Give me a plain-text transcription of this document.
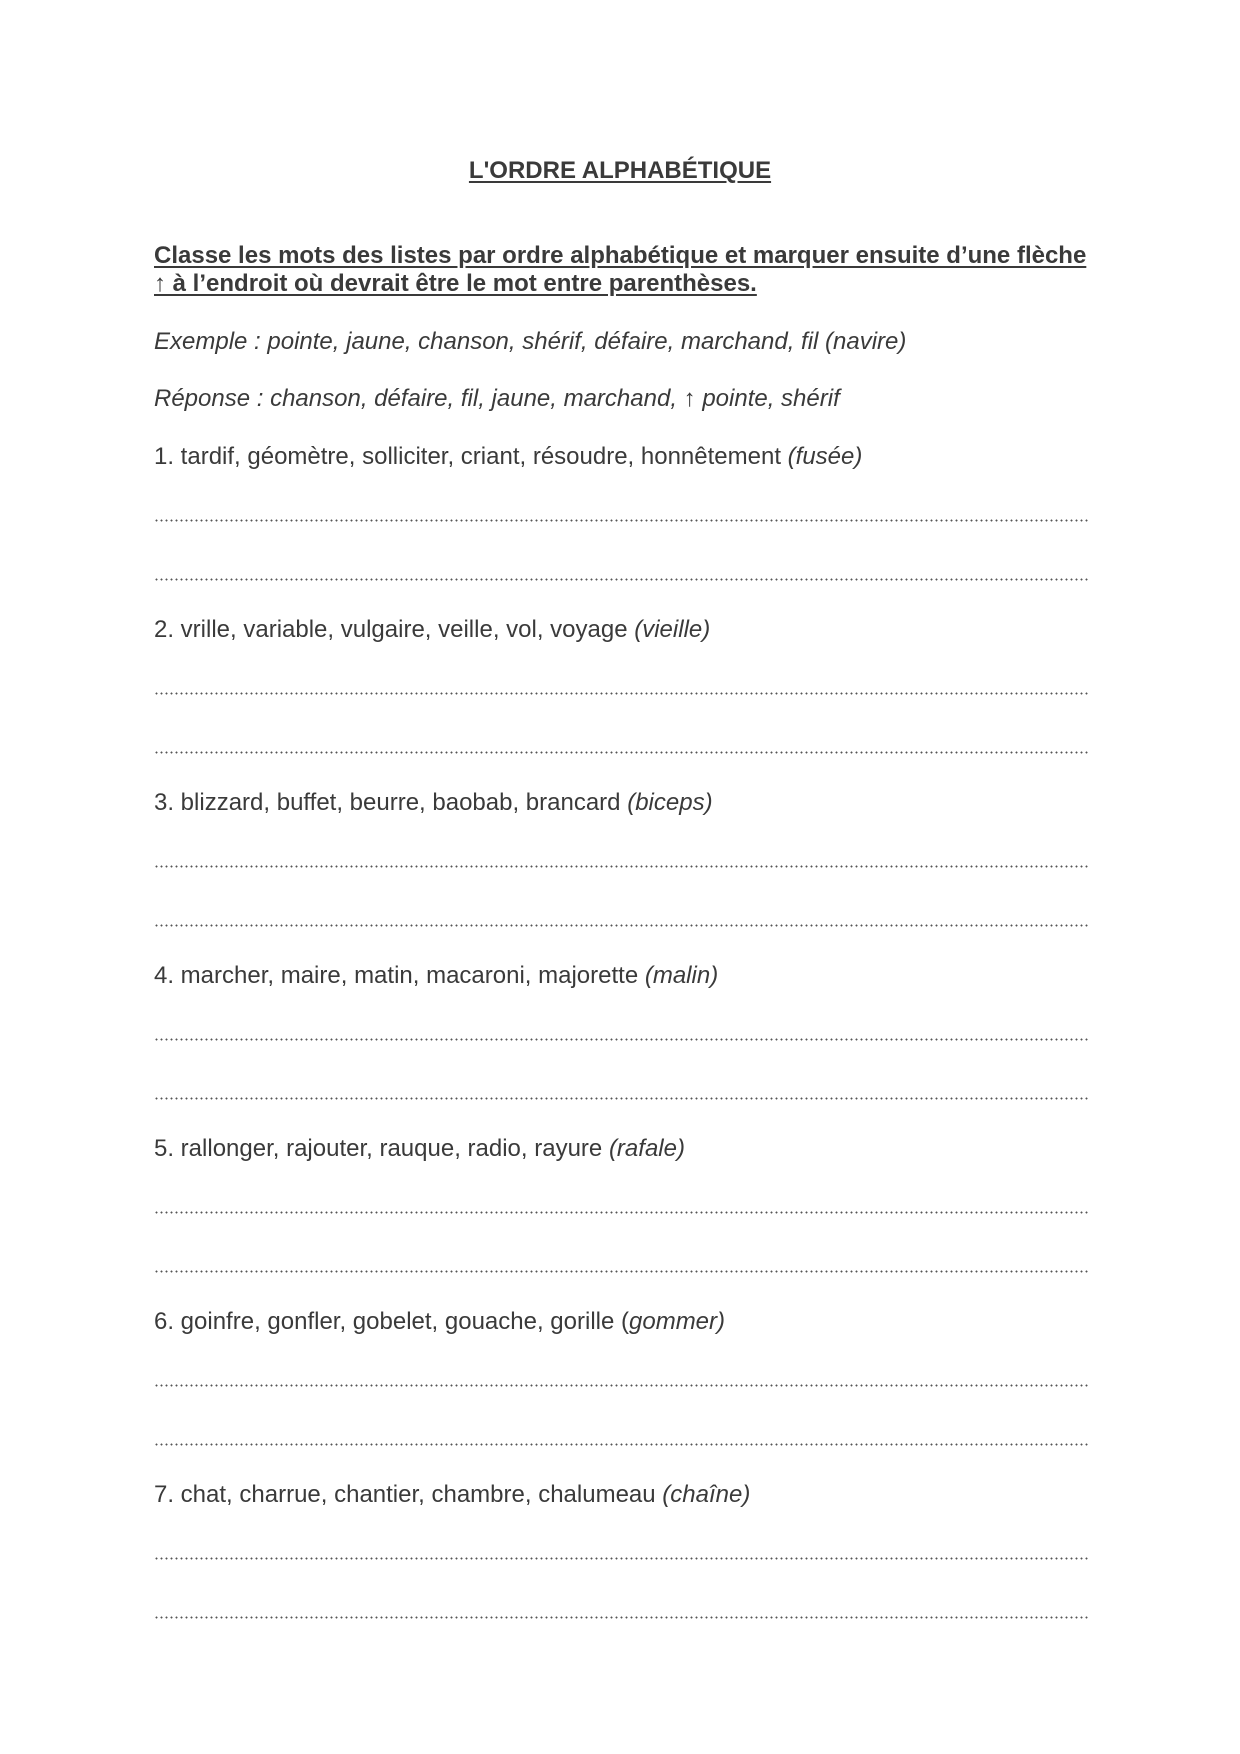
L'ORDRE ALPHABÉTIQUE
Classe les mots des listes par ordre alphabétique et marquer ensuite d’une flèche ↑ à l’endroit où devrait être le mot entre parenthèses.
Exemple : pointe, jaune, chanson, shérif, défaire, marchand, fil (navire)
Réponse : chanson, défaire, fil, jaune, marchand, ↑ pointe, shérif
1. tardif, géomètre, solliciter, criant, résoudre, honnêtement (fusée)
2. vrille, variable, vulgaire, veille, vol, voyage (vieille)
3. blizzard, buffet, beurre, baobab, brancard (biceps)
4. marcher, maire, matin, macaroni, majorette (malin)
5. rallonger, rajouter, rauque, radio, rayure (rafale)
6. goinfre, gonfler, gobelet, gouache, gorille (gommer)
7. chat, charrue, chantier, chambre, chalumeau (chaîne)
